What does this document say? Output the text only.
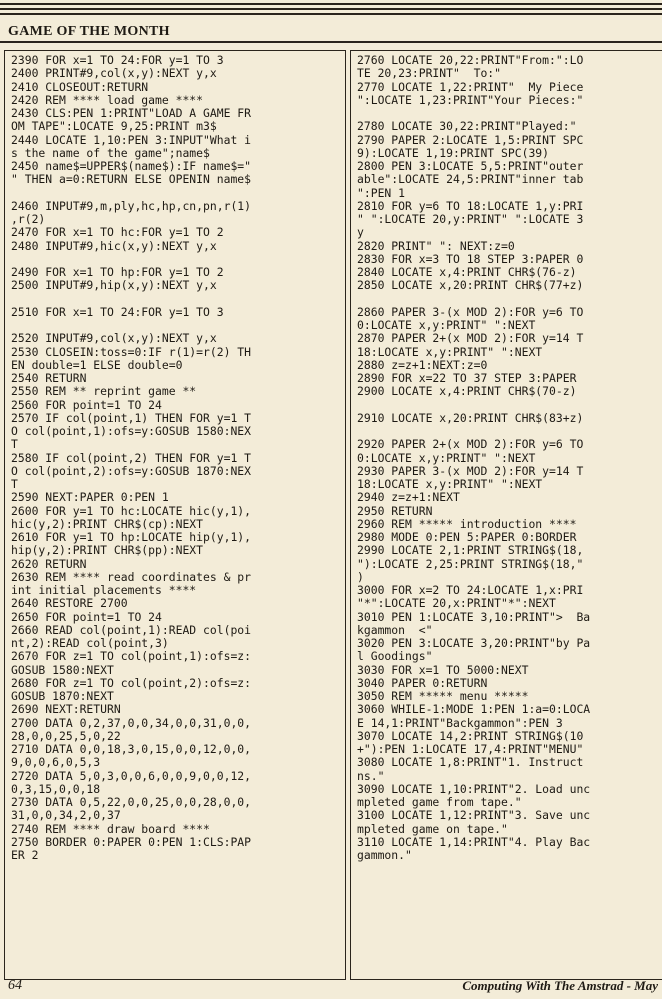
GAME OF THE MONTH
2390 FOR x=1 TO 24:FOR y=1 TO 3
2400 PRINT#9,col(x,y):NEXT y,x
2410 CLOSEOUT:RETURN
2420 REM **** load game ****
2430 CLS:PEN 1:PRINT"LOAD A GAME FR
OM TAPE":LOCATE 9,25:PRINT m3$
2440 LOCATE 1,10:PEN 3:INPUT"What i
s the name of the game";name$
2450 name$=UPPER$(name$):IF name$="
" THEN a=0:RETURN ELSE OPENIN name$

2460 INPUT#9,m,ply,hc,hp,cn,pn,r(1)
,r(2)
2470 FOR x=1 TO hc:FOR y=1 TO 2
2480 INPUT#9,hic(x,y):NEXT y,x

2490 FOR x=1 TO hp:FOR y=1 TO 2
2500 INPUT#9,hip(x,y):NEXT y,x

2510 FOR x=1 TO 24:FOR y=1 TO 3

2520 INPUT#9,col(x,y):NEXT y,x
2530 CLOSEIN:toss=0:IF r(1)=r(2) TH
EN double=1 ELSE double=0
2540 RETURN
2550 REM ** reprint game **
2560 FOR point=1 TO 24
2570 IF col(point,1) THEN FOR y=1 T
O col(point,1):ofs=y:GOSUB 1580:NEX
T
2580 IF col(point,2) THEN FOR y=1 T
O col(point,2):ofs=y:GOSUB 1870:NEX
T
2590 NEXT:PAPER 0:PEN 1
2600 FOR y=1 TO hc:LOCATE hic(y,1),
hic(y,2):PRINT CHR$(cp):NEXT
2610 FOR y=1 TO hp:LOCATE hip(y,1),
hip(y,2):PRINT CHR$(pp):NEXT
2620 RETURN
2630 REM **** read coordinates & pr
int initial placements ****
2640 RESTORE 2700
2650 FOR point=1 TO 24
2660 READ col(point,1):READ col(poi
nt,2):READ col(point,3)
2670 FOR z=1 TO col(point,1):ofs=z:
GOSUB 1580:NEXT
2680 FOR z=1 TO col(point,2):ofs=z:
GOSUB 1870:NEXT
2690 NEXT:RETURN
2700 DATA 0,2,37,0,0,34,0,0,31,0,0,
28,0,0,25,5,0,22
2710 DATA 0,0,18,3,0,15,0,0,12,0,0,
9,0,0,6,0,5,3
2720 DATA 5,0,3,0,0,6,0,0,9,0,0,12,
0,3,15,0,0,18
2730 DATA 0,5,22,0,0,25,0,0,28,0,0,
31,0,0,34,2,0,37
2740 REM **** draw board ****
2750 BORDER 0:PAPER 0:PEN 1:CLS:PAP
ER 2
2760 LOCATE 20,22:PRINT"From:":LO
TE 20,23:PRINT"  To:"
2770 LOCATE 1,22:PRINT"  My Piece
":LOCATE 1,23:PRINT"Your Pieces:"

2780 LOCATE 30,22:PRINT"Played:"
2790 PAPER 2:LOCATE 1,5:PRINT SPC
9):LOCATE 1,19:PRINT SPC(39)
2800 PEN 3:LOCATE 5,5:PRINT"outer
able":LOCATE 24,5:PRINT"inner tab
":PEN 1
2810 FOR y=6 TO 18:LOCATE 1,y:PRI
" ":LOCATE 20,y:PRINT" ":LOCATE 3
y
2820 PRINT" ": NEXT:z=0
2830 FOR x=3 TO 18 STEP 3:PAPER 0
2840 LOCATE x,4:PRINT CHR$(76-z)
2850 LOCATE x,20:PRINT CHR$(77+z)

2860 PAPER 3-(x MOD 2):FOR y=6 TO
0:LOCATE x,y:PRINT" ":NEXT
2870 PAPER 2+(x MOD 2):FOR y=14 T
18:LOCATE x,y:PRINT" ":NEXT
2880 z=z+1:NEXT:z=0
2890 FOR x=22 TO 37 STEP 3:PAPER
2900 LOCATE x,4:PRINT CHR$(70-z)

2910 LOCATE x,20:PRINT CHR$(83+z)

2920 PAPER 2+(x MOD 2):FOR y=6 TO
0:LOCATE x,y:PRINT" ":NEXT
2930 PAPER 3-(x MOD 2):FOR y=14 T
18:LOCATE x,y:PRINT" ":NEXT
2940 z=z+1:NEXT
2950 RETURN
2960 REM ***** introduction ****
2980 MODE 0:PEN 5:PAPER 0:BORDER
2990 LOCATE 2,1:PRINT STRING$(18,
"):LOCATE 2,25:PRINT STRING$(18,"
)
3000 FOR x=2 TO 24:LOCATE 1,x:PRI
"*":LOCATE 20,x:PRINT"*":NEXT
3010 PEN 1:LOCATE 3,10:PRINT">  Ba
kgammon  <"
3020 PEN 3:LOCATE 3,20:PRINT"by Pa
l Goodings"
3030 FOR x=1 TO 5000:NEXT
3040 PAPER 0:RETURN
3050 REM ***** menu *****
3060 WHILE-1:MODE 1:PEN 1:a=0:LOCA
E 14,1:PRINT"Backgammon":PEN 3
3070 LOCATE 14,2:PRINT STRING$(10
+"):PEN 1:LOCATE 17,4:PRINT"MENU"
3080 LOCATE 1,8:PRINT"1. Instruct
ns."
3090 LOCATE 1,10:PRINT"2. Load unc
mpleted game from tape."
3100 LOCATE 1,12:PRINT"3. Save unc
mpleted game on tape."
3110 LOCATE 1,14:PRINT"4. Play Bac
gammon."
64	Computing With The Amstrad - May
